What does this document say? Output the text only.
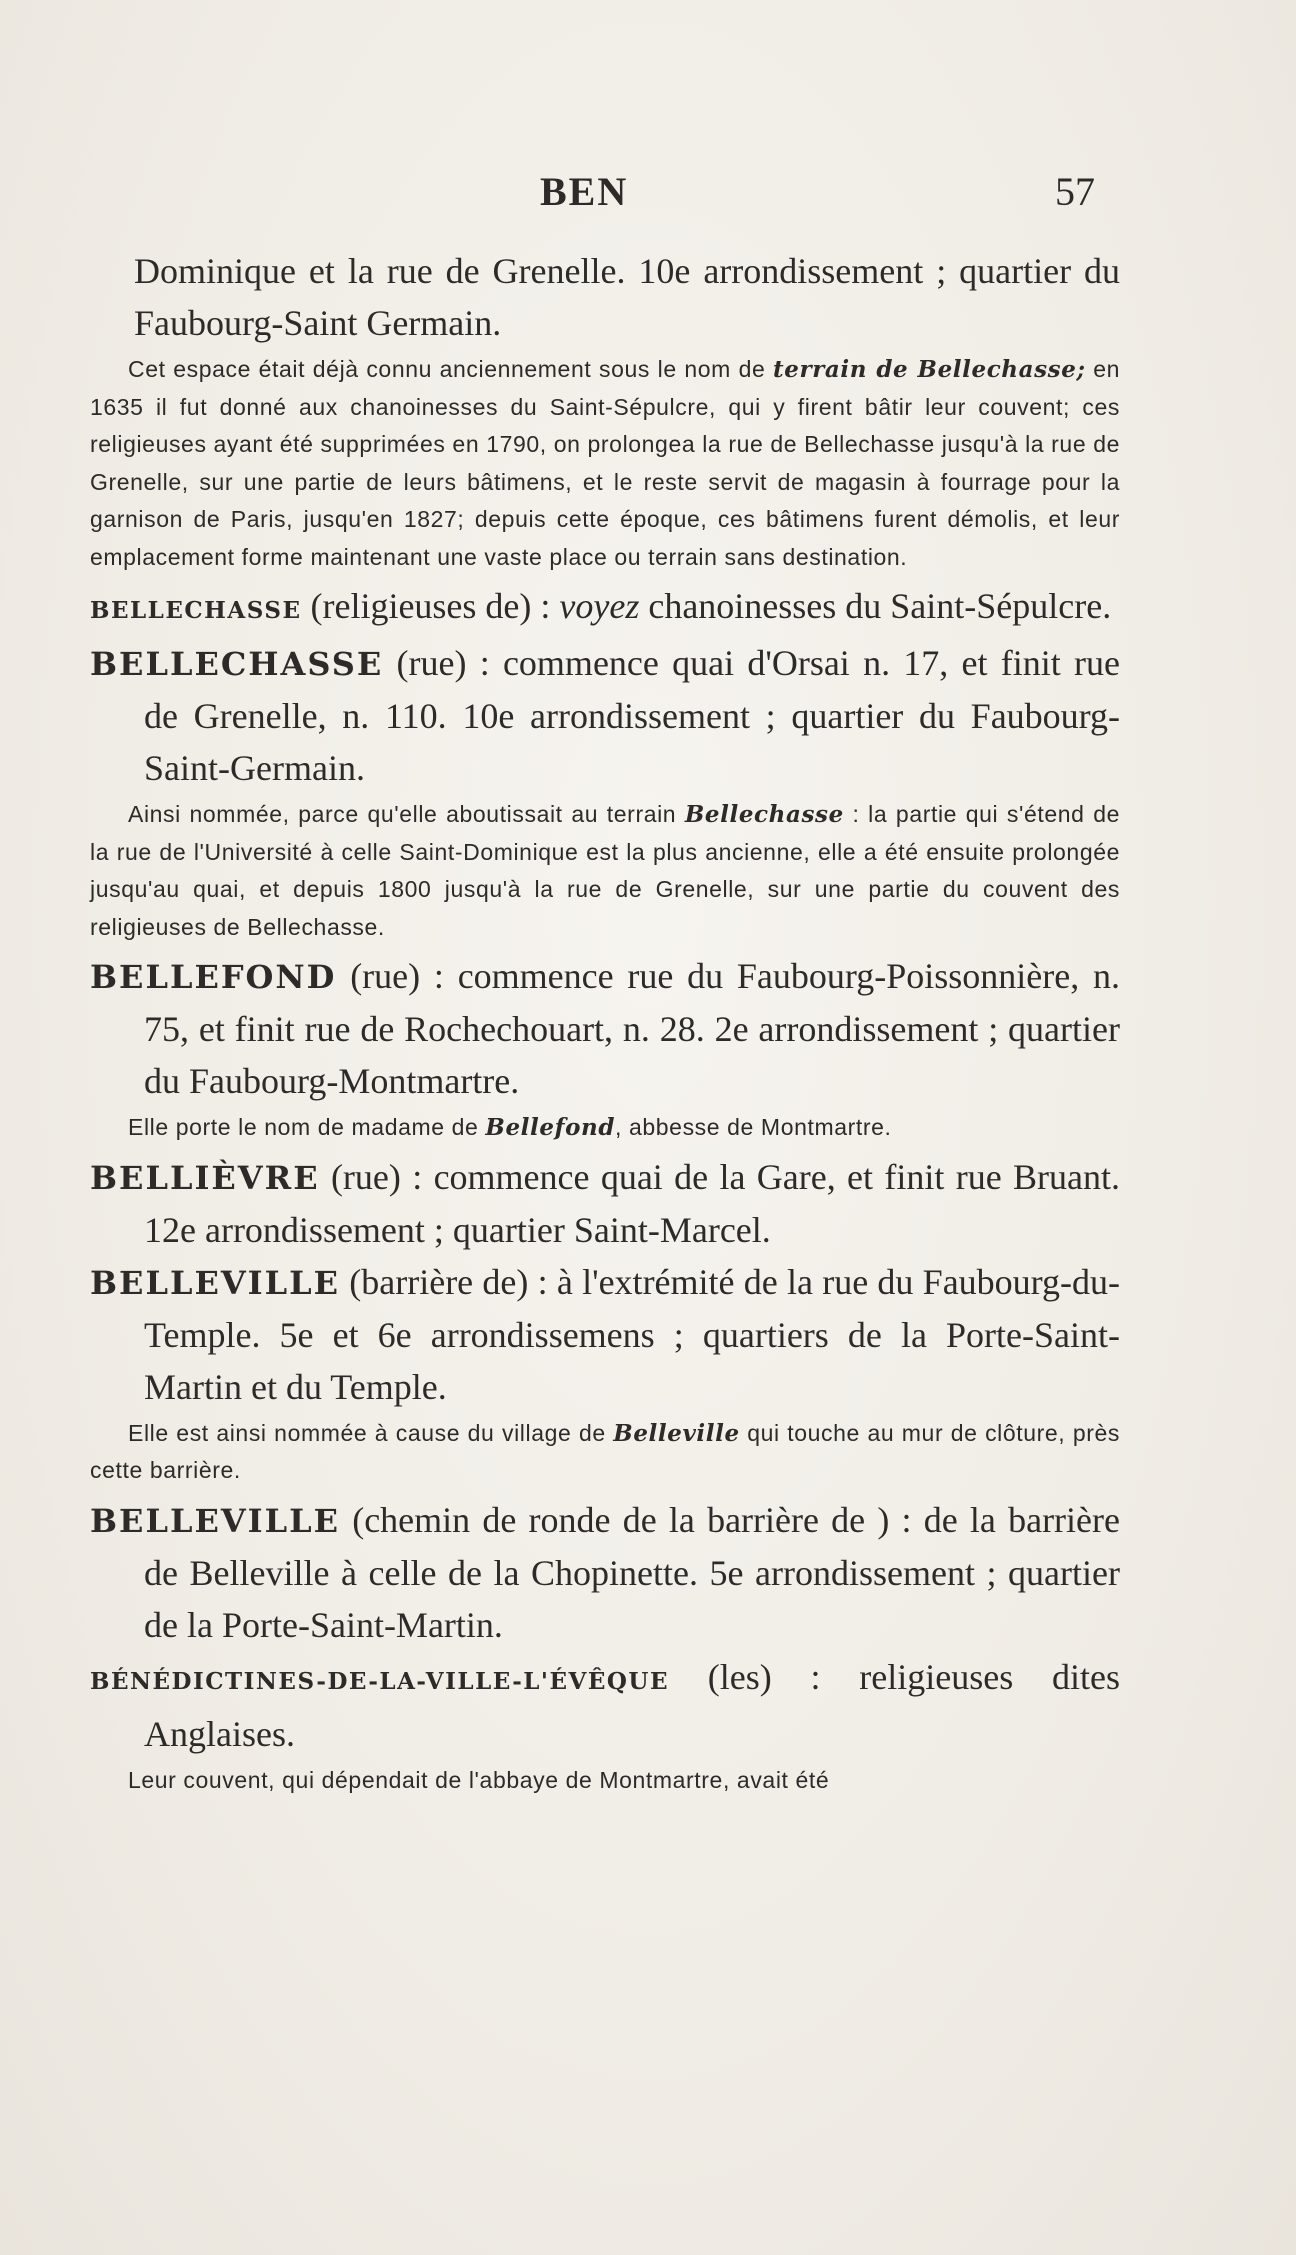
BEN	57

Dominique et la rue de Grenelle. 10e arrondissement ; quartier du Faubourg-Saint Germain.

Cet espace était déjà connu anciennement sous le nom de terrain de Bellechasse; en 1635 il fut donné aux chanoinesses du Saint-Sépulcre, qui y firent bâtir leur couvent; ces religieuses ayant été supprimées en 1790, on prolongea la rue de Bellechasse jusqu'à la rue de Grenelle, sur une partie de leurs bâtimens, et le reste servit de magasin à fourrage pour la garnison de Paris, jusqu'en 1827; depuis cette époque, ces bâtimens furent démolis, et leur emplacement forme maintenant une vaste place ou terrain sans destination.

BELLECHASSE (religieuses de) : voyez chanoinesses du Saint-Sépulcre.

BELLECHASSE (rue) : commence quai d'Orsai n. 17, et finit rue de Grenelle, n. 110. 10e arrondissement ; quartier du Faubourg-Saint-Germain.

Ainsi nommée, parce qu'elle aboutissait au terrain Bellechasse : la partie qui s'étend de la rue de l'Université à celle Saint-Dominique est la plus ancienne, elle a été ensuite prolongée jusqu'au quai, et depuis 1800 jusqu'à la rue de Grenelle, sur une partie du couvent des religieuses de Bellechasse.

BELLEFOND (rue) : commence rue du Faubourg-Poissonnière, n. 75, et finit rue de Rochechouart, n. 28. 2e arrondissement ; quartier du Faubourg-Montmartre.

Elle porte le nom de madame de Bellefond, abbesse de Montmartre.

BELLIÈVRE (rue) : commence quai de la Gare, et finit rue Bruant. 12e arrondissement ; quartier Saint-Marcel.

BELLEVILLE (barrière de) : à l'extrémité de la rue du Faubourg-du-Temple. 5e et 6e arrondissemens ; quartiers de la Porte-Saint-Martin et du Temple.

Elle est ainsi nommée à cause du village de Belleville qui touche au mur de clôture, près cette barrière.

BELLEVILLE (chemin de ronde de la barrière de ) : de la barrière de Belleville à celle de la Chopinette. 5e arrondissement ; quartier de la Porte-Saint-Martin.

BÉNÉDICTINES-DE-LA-VILLE-L'ÉVÊQUE (les) : religieuses dites Anglaises.

Leur couvent, qui dépendait de l'abbaye de Montmartre, avait été
